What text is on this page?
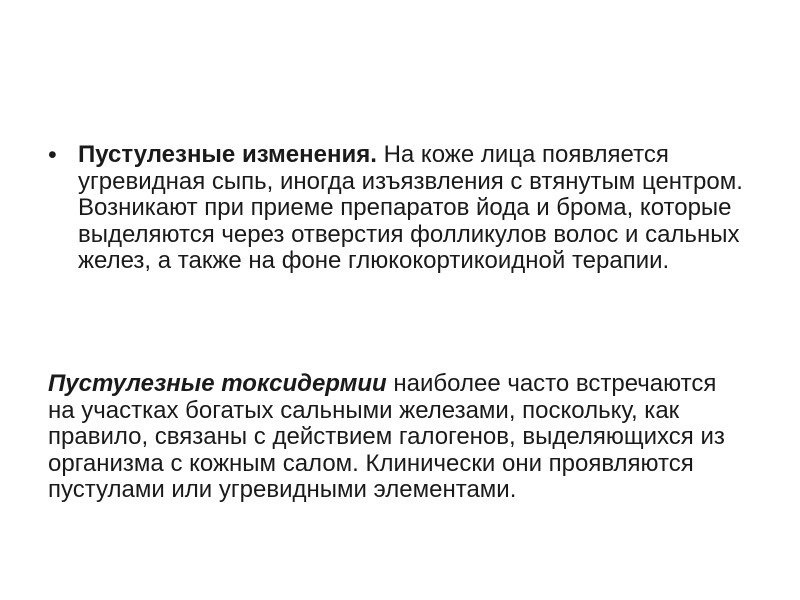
• Пустулезные изменения. На коже лица появляется угревидная сыпь, иногда изъязвления с втянутым центром. Возникают при приеме препаратов йода и брома, которые выделяются через отверстия фолликулов волос и сальных желез, а также на фоне глюкокортикоидной терапии.

Пустулезные токсидермии наиболее часто встречаются на участках богатых сальными железами, поскольку, как правило, связаны с действием галогенов, выделяющихся из организма с кожным салом. Клинически они проявляются пустулами или угревидными элементами.
